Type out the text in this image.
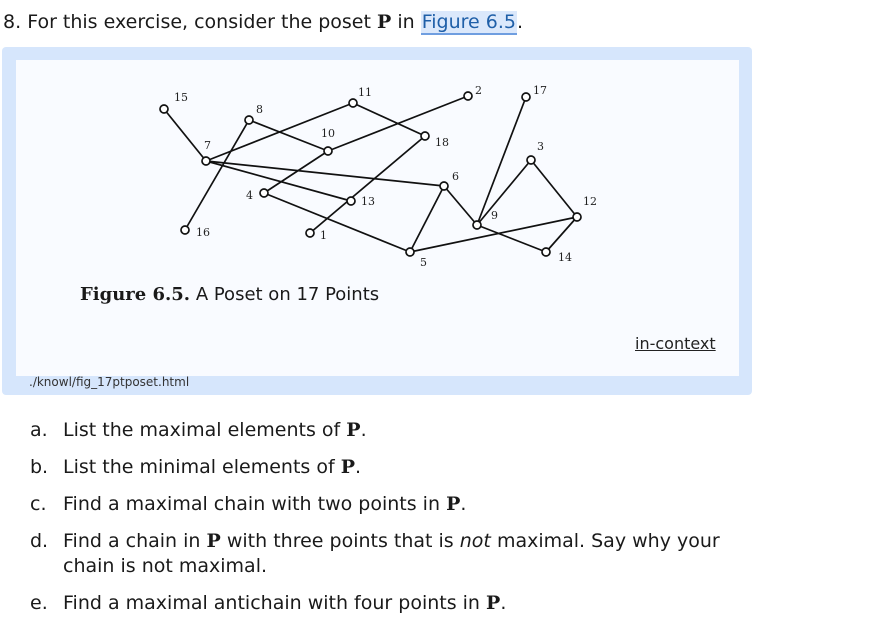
8. For this exercise, consider the poset P in Figure 6.5.
15	11	2	17
8
10
18
7	3
6
4	13	12
9
16	1
14
5
Figure 6.5. A Poset on 17 Points
in-context
./knowl/fig_17ptposet.html
a. List the maximal elements of P.
b. List the minimal elements of P.
c. Find a maximal chain with two points in P.
d. Find a chain in P with three points that is not maximal. Say why your chain is not maximal.
e. Find a maximal antichain with four points in P.
